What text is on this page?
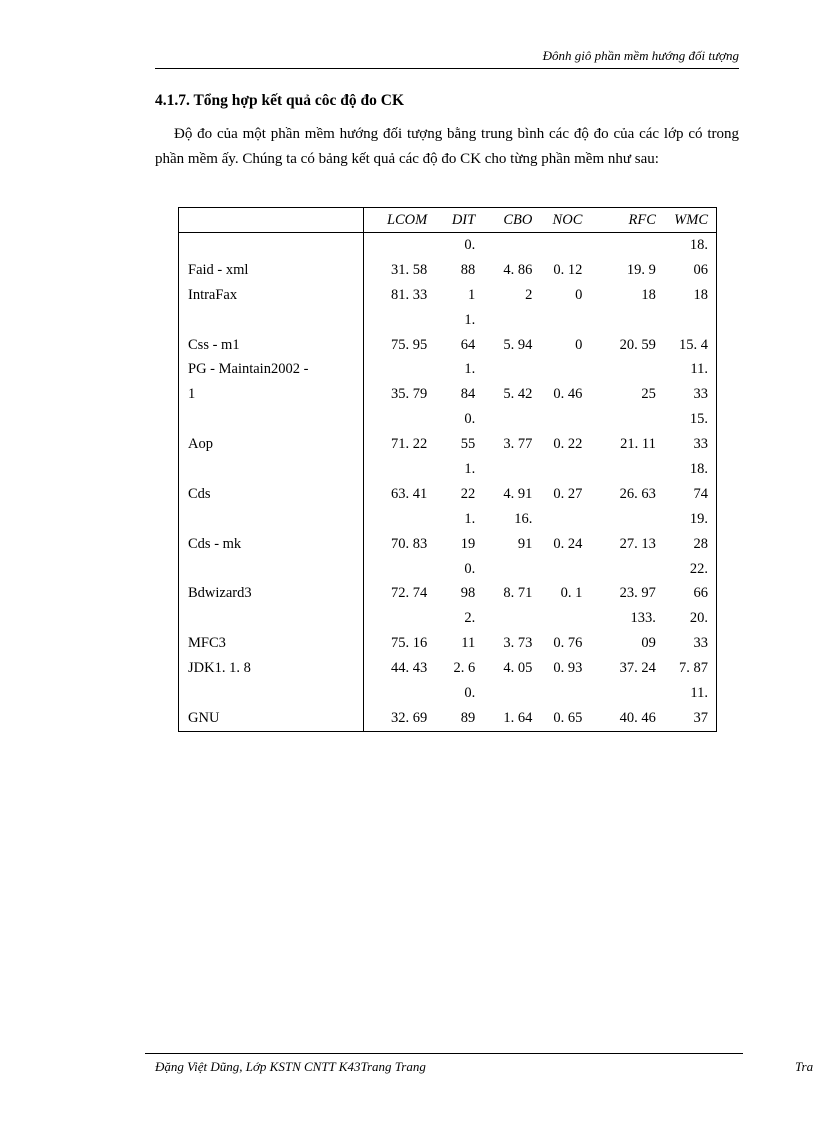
Đônh giô phần mềm hướng đối tượng
4.1.7. Tổng hợp kết quả côc độ đo CK

Độ đo của một phần mềm hướng đối tượng bằng trung bình các độ đo của các lớp có trong phần mềm ấy. Chúng ta có bảng kết quả các độ đo CK cho từng phần mềm như sau:

	LCOM	DIT	CBO	NOC	RFC	WMC
		0.				18.
Faid - xml	31. 58	88	4. 86	0. 12	19. 9	06
IntraFax	81. 33	1	2	0	18	18
		1.				
Css - m1	75. 95	64	5. 94	0	20. 59	15. 4
PG - Maintain2002 -		1.				11.
1	35. 79	84	5. 42	0. 46	25	33
		0.				15.
Aop	71. 22	55	3. 77	0. 22	21. 11	33
		1.				18.
Cds	63. 41	22	4. 91	0. 27	26. 63	74
		1.	16.			19.
Cds - mk	70. 83	19	91	0. 24	27. 13	28
		0.				22.
Bdwizard3	72. 74	98	8. 71	0. 1	23. 97	66
		2.			133.	20.
MFC3	75. 16	11	3. 73	0. 76	09	33
JDK1. 1. 8	44. 43	2. 6	4. 05	0. 93	37. 24	7. 87
		0.				11.
GNU	32. 69	89	1. 64	0. 65	40. 46	37
Đặng Việt Dũng, Lớp KSTN CNTT K43Trang Trang	Tra
